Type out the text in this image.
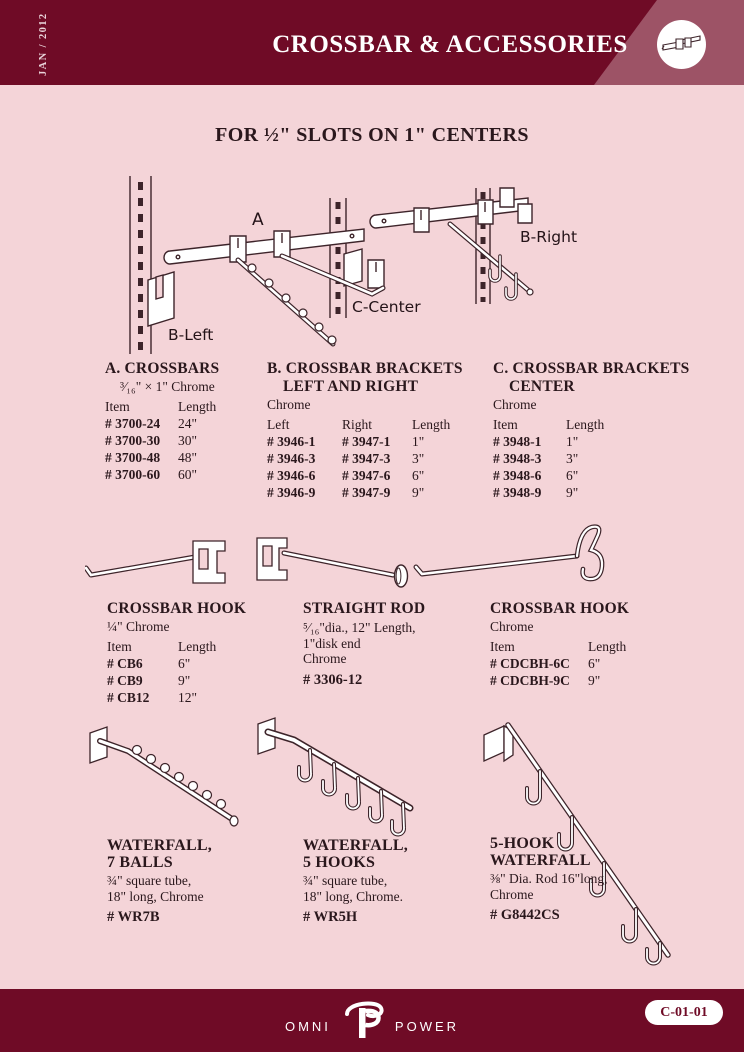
JAN / 2012	CROSSBAR & ACCESSORIES
FOR ½" SLOTS ON 1" CENTERS
A
B-Right
C-Center
B-Left
A. CROSSBARS
³⁄₁₆" × 1" Chrome
Item	Length
# 3700-24 24"
# 3700-30 30"
# 3700-48 48"
# 3700-60 60"
B. CROSSBAR BRACKETS
LEFT AND RIGHT
Chrome
Left	Right	Length
# 3946-1 # 3947-1 1"
# 3946-3 # 3947-3 3"
# 3946-6 # 3947-6 6"
# 3946-9 # 3947-9 9"
C. CROSSBAR BRACKETS
CENTER
Chrome
Item	Length
# 3948-1 1"
# 3948-3 3"
# 3948-6 6"
# 3948-9 9"
CROSSBAR HOOK
¼" Chrome
Item	Length
# CB6	6"
# CB9	9"
# CB12 12"
STRAIGHT ROD
⁵⁄₁₆"dia., 12" Length,
1"disk end
Chrome
# 3306-12
CROSSBAR HOOK
Chrome
Item	Length
# CDCBH-6C 6"
# CDCBH-9C 9"
WATERFALL,
7 BALLS
¾" square tube,
18" long, Chrome
# WR7B
WATERFALL,
5 HOOKS
¾" square tube,
18" long, Chrome.
# WR5H
5-HOOK
WATERFALL
⅜" Dia. Rod 16"long,
Chrome
# G8442CS
OMNI	POWER
C-01-01
